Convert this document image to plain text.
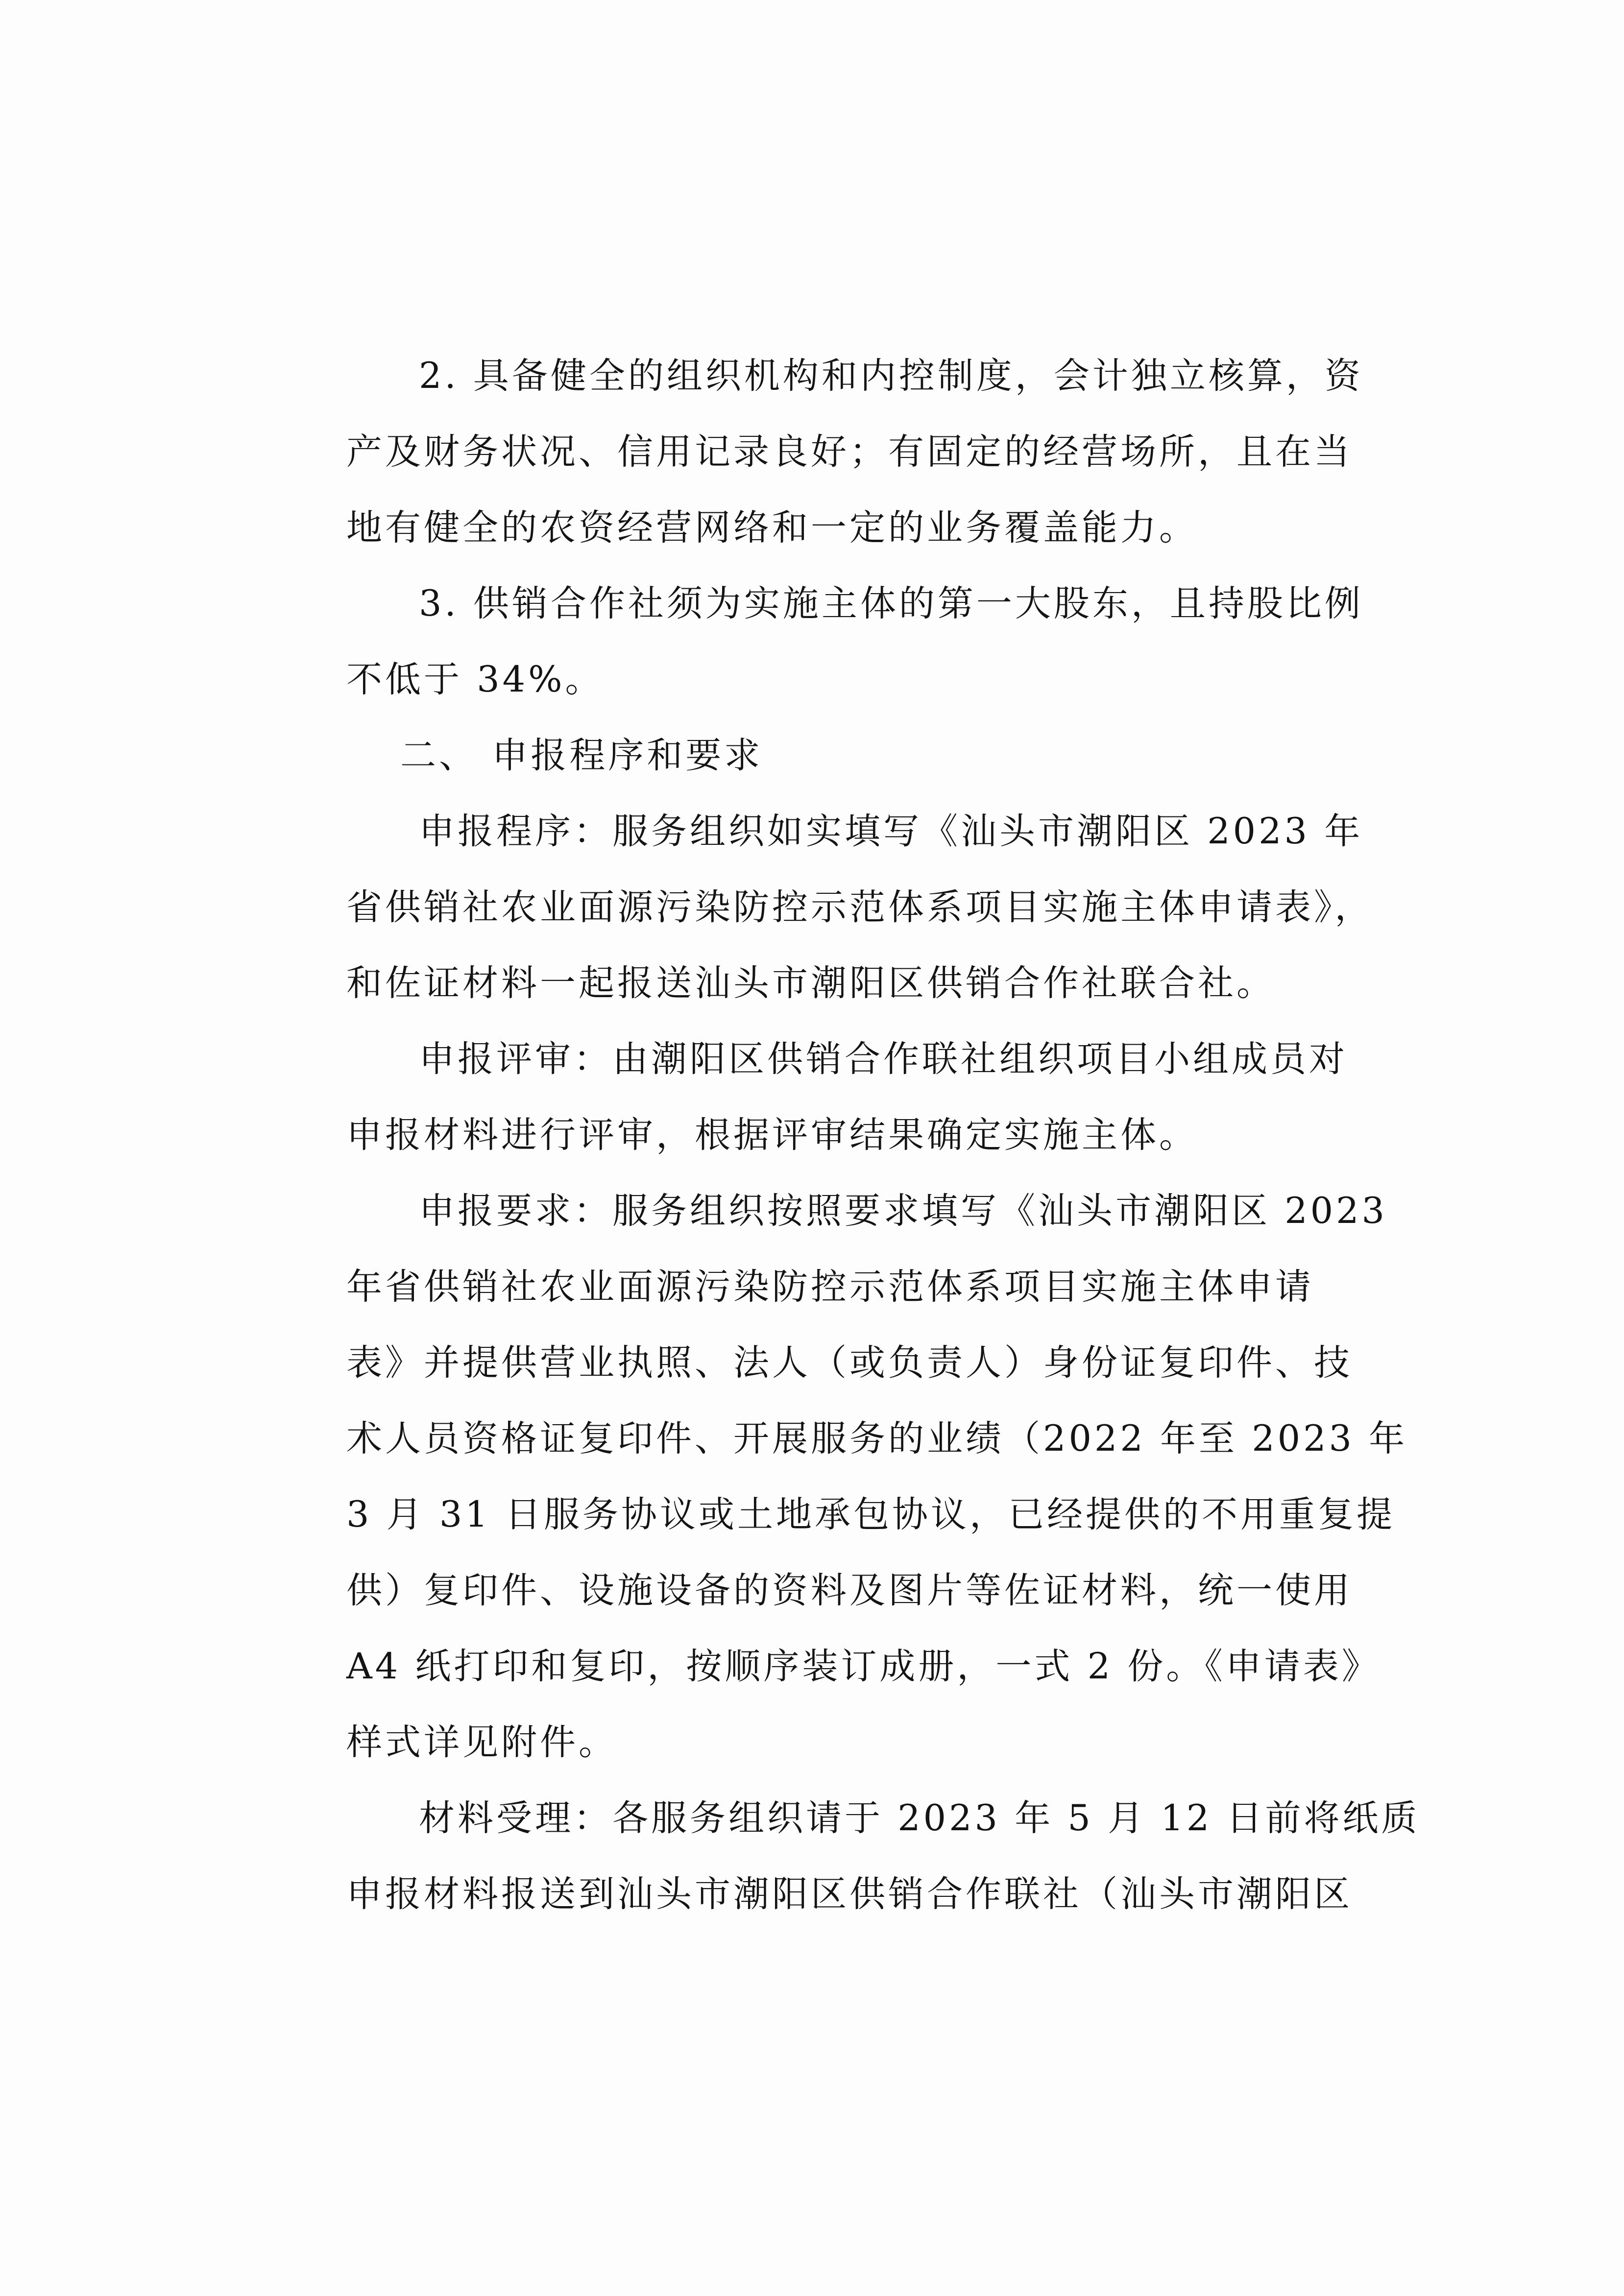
2. 具备健全的组织机构和内控制度，会计独立核算，资
产及财务状况、信用记录良好；有固定的经营场所，且在当
地有健全的农资经营网络和一定的业务覆盖能力。
3. 供销合作社须为实施主体的第一大股东，且持股比例
不低于 34%。
二、 申报程序和要求
申报程序：服务组织如实填写《汕头市潮阳区 2023 年
省供销社农业面源污染防控示范体系项目实施主体申请表》，
和佐证材料一起报送汕头市潮阳区供销合作社联合社。
申报评审：由潮阳区供销合作联社组织项目小组成员对
申报材料进行评审，根据评审结果确定实施主体。
申报要求：服务组织按照要求填写《汕头市潮阳区 2023
年省供销社农业面源污染防控示范体系项目实施主体申请
表》并提供营业执照、法人（或负责人）身份证复印件、技
术人员资格证复印件、开展服务的业绩（2022 年至 2023 年
3 月 31 日服务协议或土地承包协议，已经提供的不用重复提
供）复印件、设施设备的资料及图片等佐证材料，统一使用
A4 纸打印和复印，按顺序装订成册，一式 2 份。《申请表》
样式详见附件。
材料受理：各服务组织请于 2023 年 5 月 12 日前将纸质
申报材料报送到汕头市潮阳区供销合作联社（汕头市潮阳区
